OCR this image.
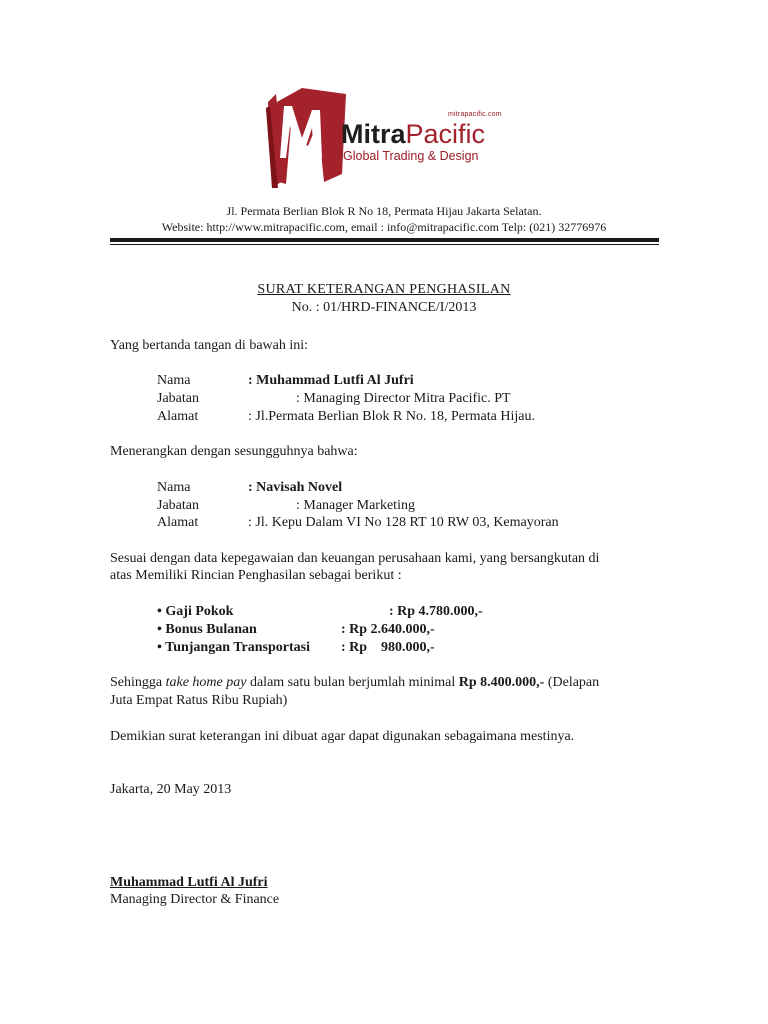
mitrapacific.com
MitraPacific
Global Trading & Design
Jl. Permata Berlian Blok R No 18, Permata Hijau Jakarta Selatan.
Website: http://www.mitrapacific.com, email : info@mitrapacific.com Telp: (021) 32776976
SURAT KETERANGAN PENGHASILAN
No. : 01/HRD-FINANCE/I/2013
Yang bertanda tangan di bawah ini:
Nama	: Muhammad Lutfi Al Jufri
Jabatan	: Managing Director Mitra Pacific. PT
Alamat	: Jl.Permata Berlian Blok R No. 18, Permata Hijau.
Menerangkan dengan sesungguhnya bahwa:
Nama	: Navisah Novel
Jabatan	: Manager Marketing
Alamat	: Jl. Kepu Dalam VI No 128 RT 10 RW 03, Kemayoran
Sesuai dengan data kepegawaian dan keuangan perusahaan kami, yang bersangkutan di
atas Memiliki Rincian Penghasilan sebagai berikut :
• Gaji Pokok	: Rp 4.780.000,-
• Bonus Bulanan	: Rp 2.640.000,-
• Tunjangan Transportasi : Rp    980.000,-
Sehingga take home pay dalam satu bulan berjumlah minimal Rp 8.400.000,- (Delapan
Juta Empat Ratus Ribu Rupiah)
Demikian surat keterangan ini dibuat agar dapat digunakan sebagaimana mestinya.
Jakarta, 20 May 2013
Muhammad Lutfi Al Jufri
Managing Director & Finance
